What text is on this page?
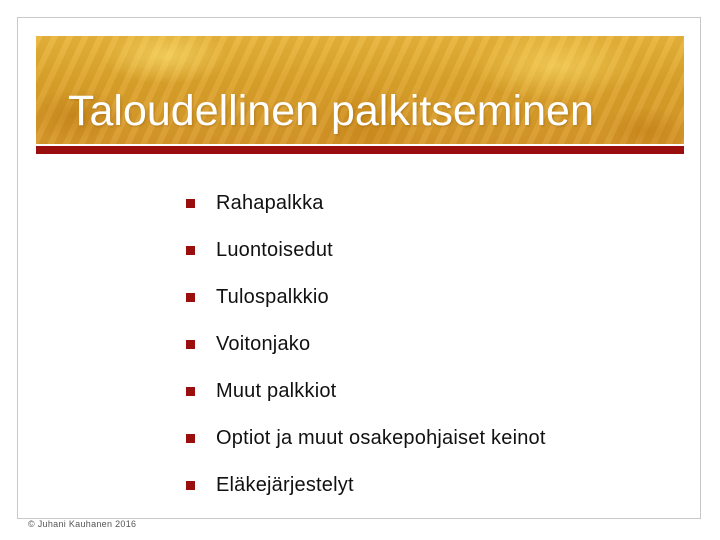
Taloudellinen palkitseminen
Rahapalkka
Luontoisedut
Tulospalkkio
Voitonjako
Muut palkkiot
Optiot ja muut osakepohjaiset keinot
Eläkejärjestelyt
© Juhani Kauhanen 2016
